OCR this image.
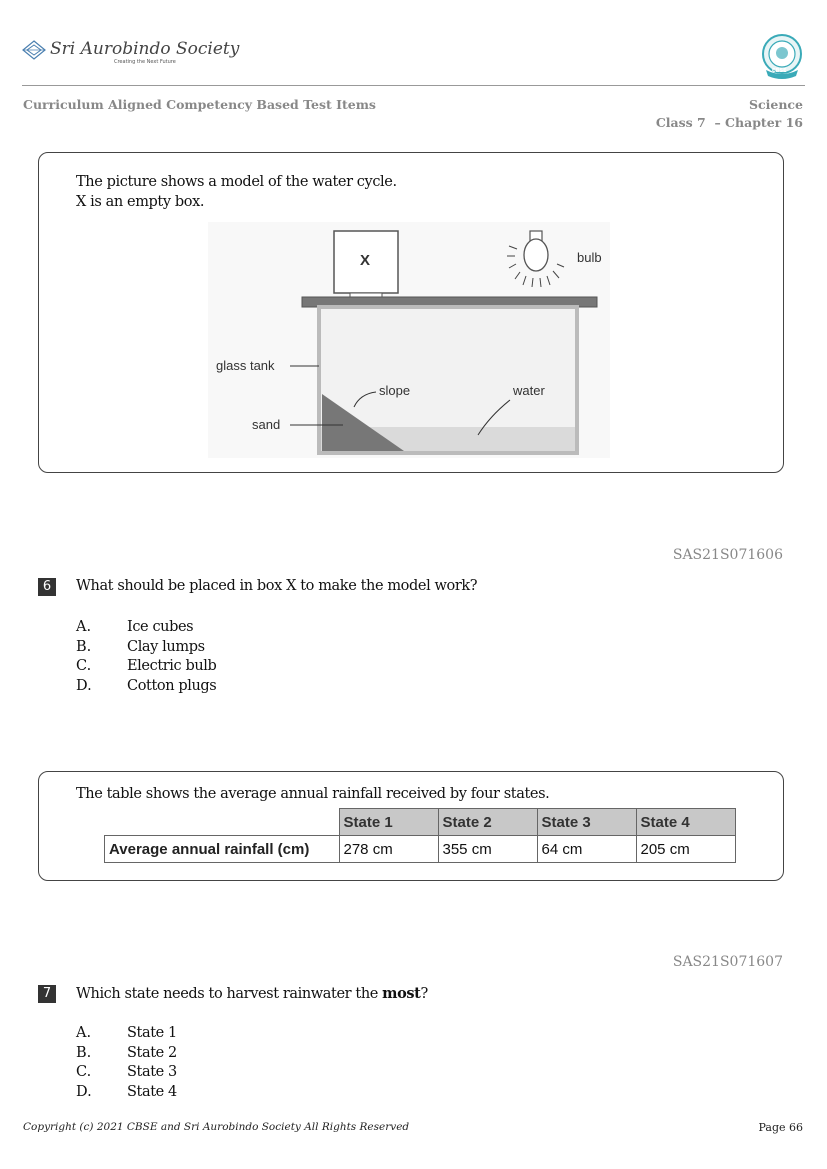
Sri Aurobindo Society
Creating the Next Future
CBSE
Curriculum Aligned Competency Based Test Items	Science
Class 7  – Chapter 16
The picture shows a model of the water cycle.
X is an empty box.
X	bulb
glass tank
slope	water
sand
SAS21S071606
6	What should be placed in box X to make the model work?
A. Ice cubes
B. Clay lumps
C. Electric bulb
D. Cotton plugs
The table shows the average annual rainfall received by four states.
	State 1	State 2	State 3	State 4
Average annual rainfall (cm)	278 cm	355 cm	64 cm	205 cm
SAS21S071607
7	Which state needs to harvest rainwater the most?
A. State 1
B. State 2
C. State 3
D. State 4
Copyright (c) 2021 CBSE and Sri Aurobindo Society All Rights Reserved	Page 66
